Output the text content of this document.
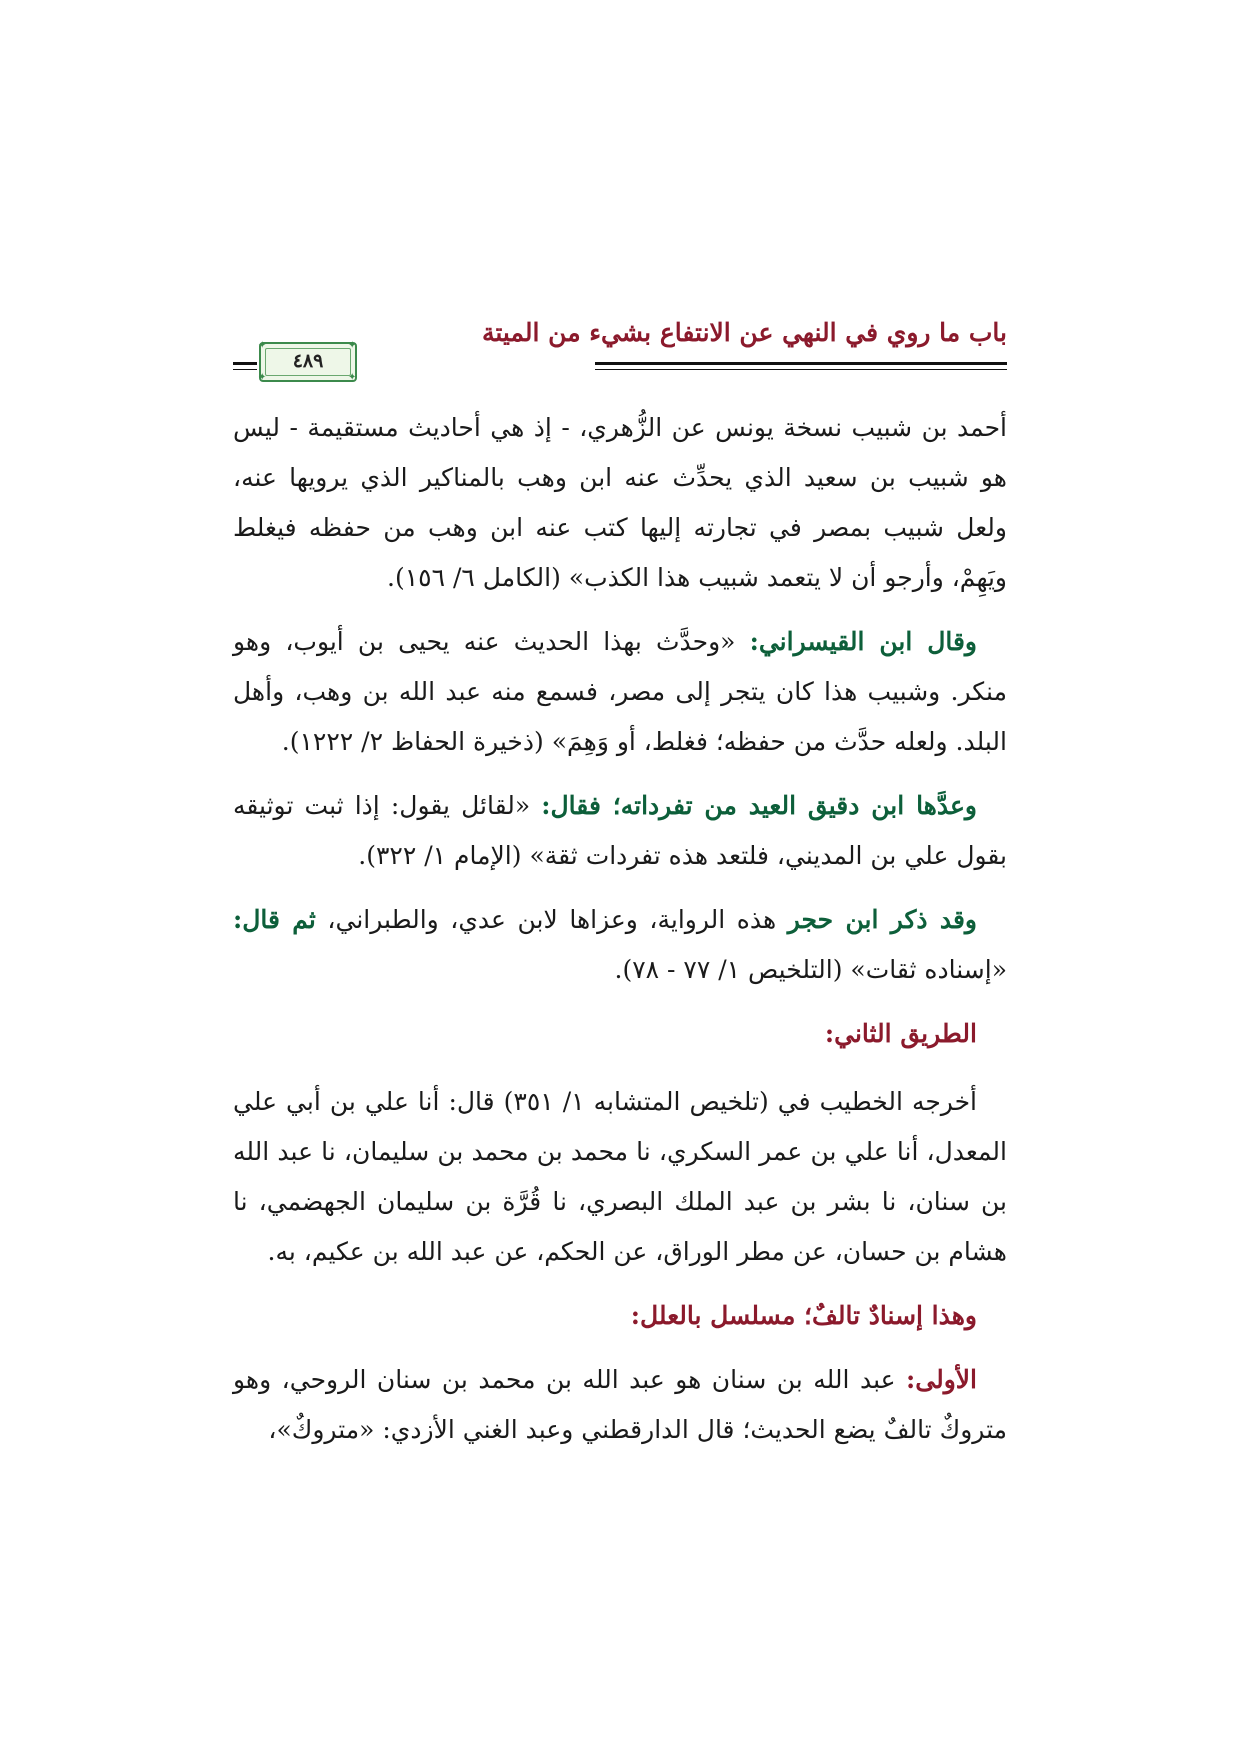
باب ما روي في النهي عن الانتفاع بشيء من الميتة
✦	✦
✦	✦
٤٨٩

أحمد بن شبيب نسخة يونس عن الزُّهري، - إذ هي أحاديث مستقيمة - ليس هو شبيب بن سعيد الذي يحدِّث عنه ابن وهب بالمناكير الذي يرويها عنه، ولعل شبيب بمصر في تجارته إليها كتب عنه ابن وهب من حفظه فيغلط ويَهِمْ، وأرجو أن لا يتعمد شبيب هذا الكذب» (الكامل ٦/ ١٥٦).

وقال ابن القيسراني: «وحدَّث بهذا الحديث عنه يحيى بن أيوب، وهو منكر. وشبيب هذا كان يتجر إلى مصر، فسمع منه عبد الله بن وهب، وأهل البلد. ولعله حدَّث من حفظه؛ فغلط، أو وَهِمَ» (ذخيرة الحفاظ ٢/ ١٢٢٢).

وعدَّها ابن دقيق العيد من تفرداته؛ فقال: «لقائل يقول: إذا ثبت توثيقه بقول علي بن المديني، فلتعد هذه تفردات ثقة» (الإمام ١/ ٣٢٢).

وقد ذكر ابن حجر هذه الرواية، وعزاها لابن عدي، والطبراني، ثم قال: «إسناده ثقات» (التلخيص ١/ ٧٧ - ٧٨).

الطريق الثاني:

أخرجه الخطيب في (تلخيص المتشابه ١/ ٣٥١) قال: أنا علي بن أبي علي المعدل، أنا علي بن عمر السكري، نا محمد بن محمد بن سليمان، نا عبد الله بن سنان، نا بشر بن عبد الملك البصري، نا قُرَّة بن سليمان الجهضمي، نا هشام بن حسان، عن مطر الوراق، عن الحكم، عن عبد الله بن عكيم، به.

وهذا إسنادٌ تالفٌ؛ مسلسل بالعلل:

الأولى: عبد الله بن سنان هو عبد الله بن محمد بن سنان الروحي، وهو متروكٌ تالفٌ يضع الحديث؛ قال الدارقطني وعبد الغني الأزدي: «متروكٌ»،
